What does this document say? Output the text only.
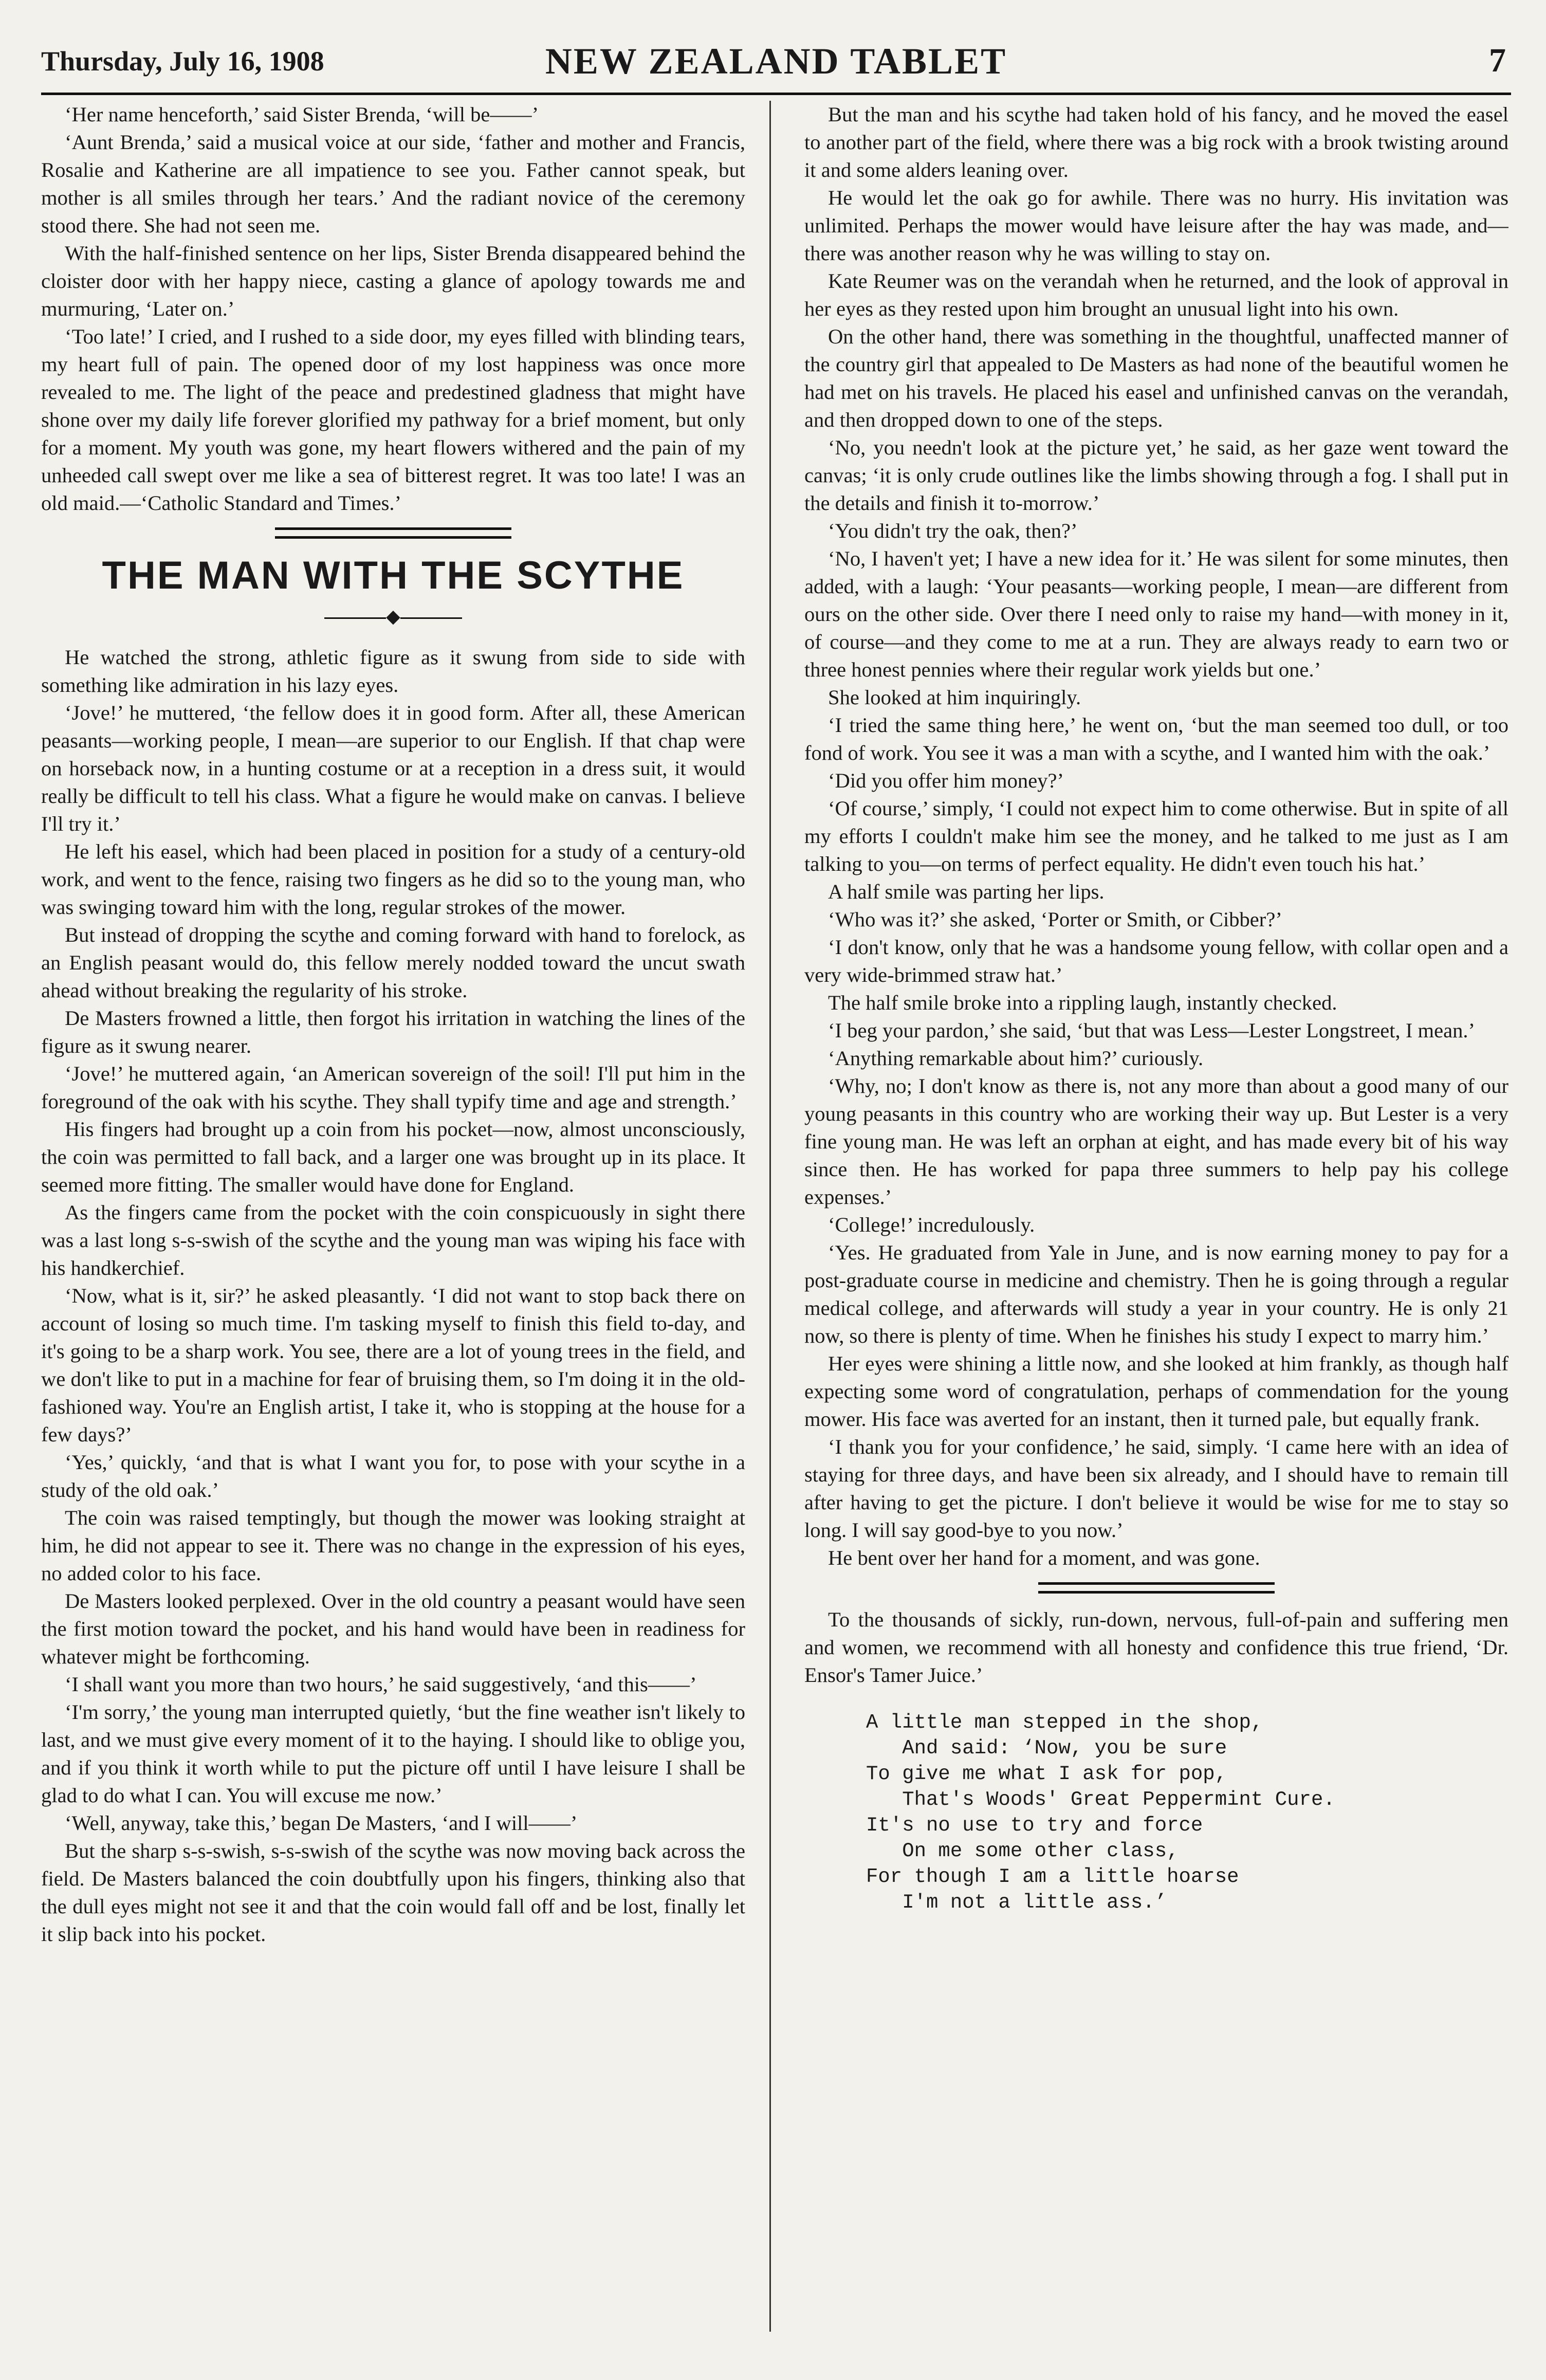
Thursday, July 16, 1908	NEW ZEALAND TABLET	7

‘Her name henceforth,’ said Sister Brenda, ‘will be——’

‘Aunt Brenda,’ said a musical voice at our side, ‘father and mother and Francis, Rosalie and Katherine are all impatience to see you. Father cannot speak, but mother is all smiles through her tears.’ And the radiant novice of the ceremony stood there. She had not seen me.

With the half-finished sentence on her lips, Sister Brenda disappeared behind the cloister door with her happy niece, casting a glance of apology towards me and murmuring, ‘Later on.’

‘Too late!’ I cried, and I rushed to a side door, my eyes filled with blinding tears, my heart full of pain. The opened door of my lost happiness was once more revealed to me. The light of the peace and predestined gladness that might have shone over my daily life forever glorified my pathway for a brief moment, but only for a moment. My youth was gone, my heart flowers withered and the pain of my unheeded call swept over me like a sea of bitterest regret. It was too late! I was an old maid.—‘Catholic Standard and Times.’

THE MAN WITH THE SCYTHE
◆

He watched the strong, athletic figure as it swung from side to side with something like admiration in his lazy eyes.

‘Jove!’ he muttered, ‘the fellow does it in good form. After all, these American peasants—working people, I mean—are superior to our English. If that chap were on horseback now, in a hunting costume or at a reception in a dress suit, it would really be difficult to tell his class. What a figure he would make on canvas. I believe I'll try it.’

He left his easel, which had been placed in position for a study of a century-old work, and went to the fence, raising two fingers as he did so to the young man, who was swinging toward him with the long, regular strokes of the mower.

But instead of dropping the scythe and coming forward with hand to forelock, as an English peasant would do, this fellow merely nodded toward the uncut swath ahead without breaking the regularity of his stroke.

De Masters frowned a little, then forgot his irritation in watching the lines of the figure as it swung nearer.

‘Jove!’ he muttered again, ‘an American sovereign of the soil! I'll put him in the foreground of the oak with his scythe. They shall typify time and age and strength.’

His fingers had brought up a coin from his pocket—now, almost unconsciously, the coin was permitted to fall back, and a larger one was brought up in its place. It seemed more fitting. The smaller would have done for England.

As the fingers came from the pocket with the coin conspicuously in sight there was a last long s-s-swish of the scythe and the young man was wiping his face with his handkerchief.

‘Now, what is it, sir?’ he asked pleasantly. ‘I did not want to stop back there on account of losing so much time. I'm tasking myself to finish this field to-day, and it's going to be a sharp work. You see, there are a lot of young trees in the field, and we don't like to put in a machine for fear of bruising them, so I'm doing it in the old-fashioned way. You're an English artist, I take it, who is stopping at the house for a few days?’

‘Yes,’ quickly, ‘and that is what I want you for, to pose with your scythe in a study of the old oak.’

The coin was raised temptingly, but though the mower was looking straight at him, he did not appear to see it. There was no change in the expression of his eyes, no added color to his face.

De Masters looked perplexed. Over in the old country a peasant would have seen the first motion toward the pocket, and his hand would have been in readiness for whatever might be forthcoming.

‘I shall want you more than two hours,’ he said suggestively, ‘and this——’

‘I'm sorry,’ the young man interrupted quietly, ‘but the fine weather isn't likely to last, and we must give every moment of it to the haying. I should like to oblige you, and if you think it worth while to put the picture off until I have leisure I shall be glad to do what I can. You will excuse me now.’

‘Well, anyway, take this,’ began De Masters, ‘and I will——’

But the sharp s-s-swish, s-s-swish of the scythe was now moving back across the field. De Masters balanced the coin doubtfully upon his fingers, thinking also that the dull eyes might not see it and that the coin would fall off and be lost, finally let it slip back into his pocket.

But the man and his scythe had taken hold of his fancy, and he moved the easel to another part of the field, where there was a big rock with a brook twisting around it and some alders leaning over.

He would let the oak go for awhile. There was no hurry. His invitation was unlimited. Perhaps the mower would have leisure after the hay was made, and—there was another reason why he was willing to stay on.

Kate Reumer was on the verandah when he returned, and the look of approval in her eyes as they rested upon him brought an unusual light into his own.

On the other hand, there was something in the thoughtful, unaffected manner of the country girl that appealed to De Masters as had none of the beautiful women he had met on his travels. He placed his easel and unfinished canvas on the verandah, and then dropped down to one of the steps.

‘No, you needn't look at the picture yet,’ he said, as her gaze went toward the canvas; ‘it is only crude outlines like the limbs showing through a fog. I shall put in the details and finish it to-morrow.’

‘You didn't try the oak, then?’

‘No, I haven't yet; I have a new idea for it.’ He was silent for some minutes, then added, with a laugh: ‘Your peasants—working people, I mean—are different from ours on the other side. Over there I need only to raise my hand—with money in it, of course—and they come to me at a run. They are always ready to earn two or three honest pennies where their regular work yields but one.’

She looked at him inquiringly.

‘I tried the same thing here,’ he went on, ‘but the man seemed too dull, or too fond of work. You see it was a man with a scythe, and I wanted him with the oak.’

‘Did you offer him money?’

‘Of course,’ simply, ‘I could not expect him to come otherwise. But in spite of all my efforts I couldn't make him see the money, and he talked to me just as I am talking to you—on terms of perfect equality. He didn't even touch his hat.’

A half smile was parting her lips.

‘Who was it?’ she asked, ‘Porter or Smith, or Cibber?’

‘I don't know, only that he was a handsome young fellow, with collar open and a very wide-brimmed straw hat.’

The half smile broke into a rippling laugh, instantly checked.

‘I beg your pardon,’ she said, ‘but that was Less—Lester Longstreet, I mean.’

‘Anything remarkable about him?’ curiously.

‘Why, no; I don't know as there is, not any more than about a good many of our young peasants in this country who are working their way up. But Lester is a very fine young man. He was left an orphan at eight, and has made every bit of his way since then. He has worked for papa three summers to help pay his college expenses.’

‘College!’ incredulously.

‘Yes. He graduated from Yale in June, and is now earning money to pay for a post-graduate course in medicine and chemistry. Then he is going through a regular medical college, and afterwards will study a year in your country. He is only 21 now, so there is plenty of time. When he finishes his study I expect to marry him.’

Her eyes were shining a little now, and she looked at him frankly, as though half expecting some word of congratulation, perhaps of commendation for the young mower. His face was averted for an instant, then it turned pale, but equally frank.

‘I thank you for your confidence,’ he said, simply. ‘I came here with an idea of staying for three days, and have been six already, and I should have to remain till after having to get the picture. I don't believe it would be wise for me to stay so long. I will say good-bye to you now.’

He bent over her hand for a moment, and was gone.

To the thousands of sickly, run-down, nervous, full-of-pain and suffering men and women, we recommend with all honesty and confidence this true friend, ‘Dr. Ensor's Tamer Juice.’

A little man stepped in the shop,
And said: ‘Now, you be sure
To give me what I ask for pop,
That's Woods' Great Peppermint Cure.
It's no use to try and force
On me some other class,
For though I am a little hoarse
I'm not a little ass.’
